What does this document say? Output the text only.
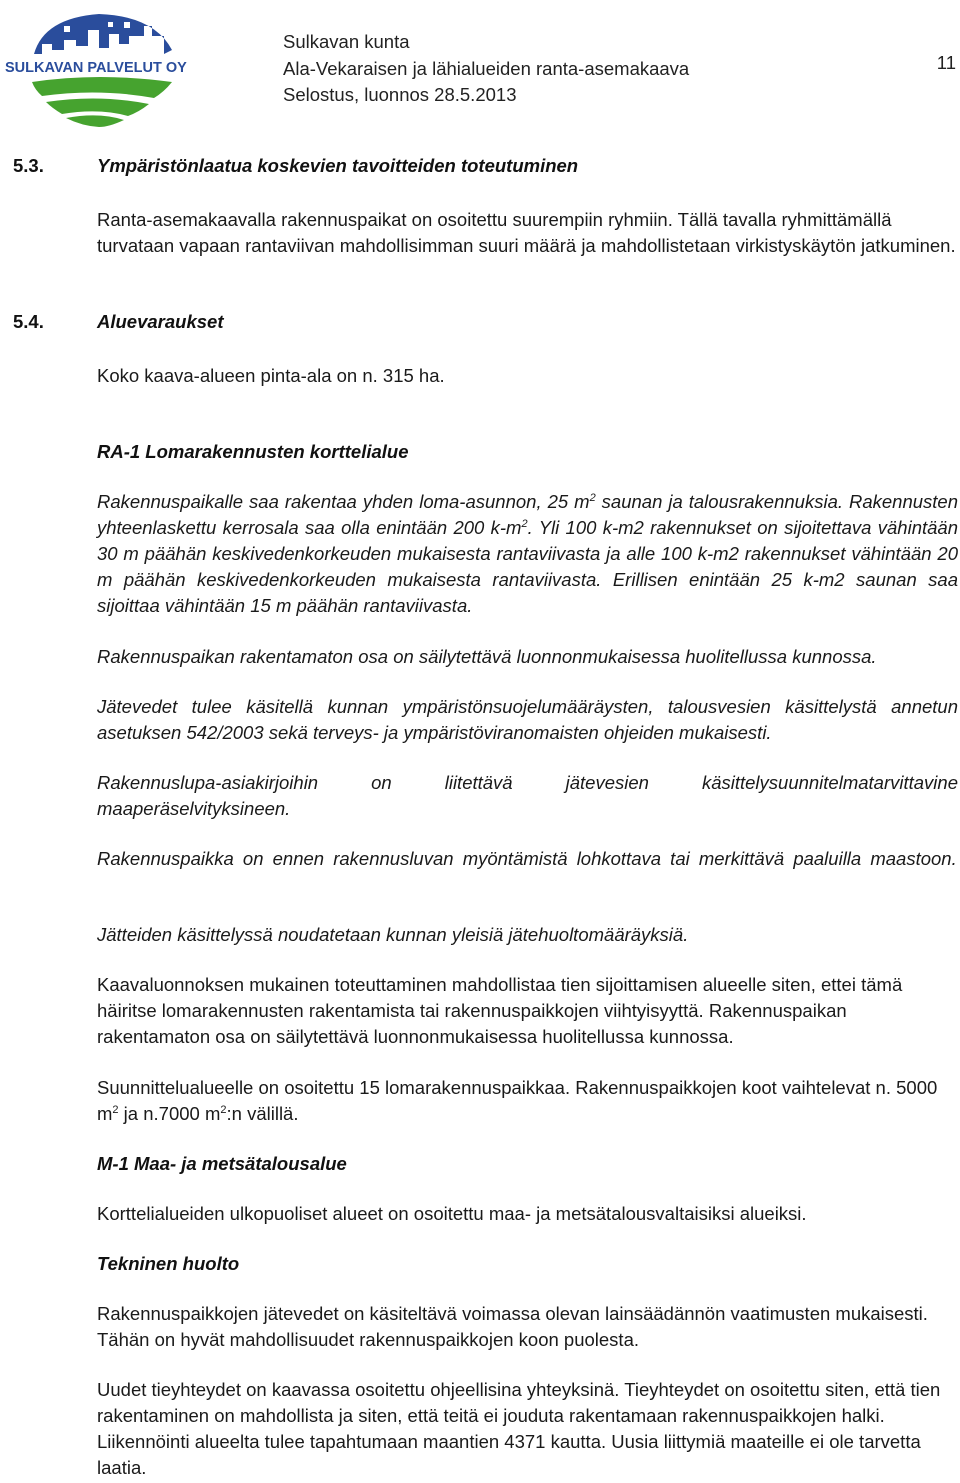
SULKAVAN PALVELUT OY
Sulkavan kunta
Ala-Vekaraisen ja lähialueiden ranta-asemakaava
Selostus, luonnos 28.5.2013
11
5.3.	Ympäristönlaatua koskevien tavoitteiden toteutuminen
Ranta-asemakaavalla rakennuspaikat on osoitettu suurempiin ryhmiin. Tällä tavalla ryhmittämällä turvataan vapaan rantaviivan mahdollisimman suuri määrä ja mahdollistetaan virkistyskäytön jatkuminen.
5.4.	Aluevaraukset
Koko kaava-alueen pinta-ala on n. 315 ha.
RA-1 Lomarakennusten korttelialue
Rakennuspaikalle saa rakentaa yhden loma-asunnon, 25 $m^2$ saunan ja talousrakennuksia. Rakennusten yhteenlaskettu kerrosala saa olla enintään 200 $k-m^2$. Yli 100 k-m2 rakennukset on sijoitettava vähintään 30 m päähän keskivedenkorkeuden mukaisesta rantaviivasta ja alle 100 k-m2 rakennukset vähintään 20 m päähän keskivedenkorkeuden mukaisesta rantaviivasta. Erillisen enintään 25 k-m2 saunan saa sijoittaa vähintään 15 m päähän rantaviivasta.
Rakennuspaikan rakentamaton osa on säilytettävä luonnonmukaisessa huolitellussa kunnossa.
Jätevedet tulee käsitellä kunnan ympäristönsuojelumääräysten, talousvesien käsittelystä annetun asetuksen 542/2003 sekä terveys- ja ympäristöviranomaisten ohjeiden mukaisesti.
Rakennuslupa-asiakirjoihin on liitettävä jätevesien käsittelysuunnitelmatarvittavine maaperäselvityksineen.
Rakennuspaikka on ennen rakennusluvan myöntämistä lohkottava tai merkittävä paaluilla maastoon.
Jätteiden käsittelyssä noudatetaan kunnan yleisiä jätehuoltomääräyksiä.
Kaavaluonnoksen mukainen toteuttaminen mahdollistaa tien sijoittamisen alueelle siten, ettei tämä häiritse lomarakennusten rakentamista tai rakennuspaikkojen viihtyisyyttä. Rakennuspaikan rakentamaton osa on säilytettävä luonnonmukaisessa huolitellussa kunnossa.
Suunnittelualueelle on osoitettu 15 lomarakennuspaikkaa. Rakennuspaikkojen koot vaihtelevat n. 5000 $m^2$ ja n.7000 $m^2:n$ välillä.
M-1 Maa- ja metsätalousalue
Korttelialueiden ulkopuoliset alueet on osoitettu maa- ja metsätalousvaltaisiksi alueiksi.
Tekninen huolto
Rakennuspaikkojen jätevedet on käsiteltävä voimassa olevan lainsäädännön vaatimusten mukaisesti. Tähän on hyvät mahdollisuudet rakennuspaikkojen koon puolesta.
Uudet tieyhteydet on kaavassa osoitettu ohjeellisina yhteyksinä. Tieyhteydet on osoitettu siten, että tien rakentaminen on mahdollista ja siten, että teitä ei jouduta rakentamaan rakennuspaikkojen halki. Liikennöinti alueelta tulee tapahtumaan maantien 4371 kautta. Uusia liittymiä maateille ei ole tarvetta laatia.
